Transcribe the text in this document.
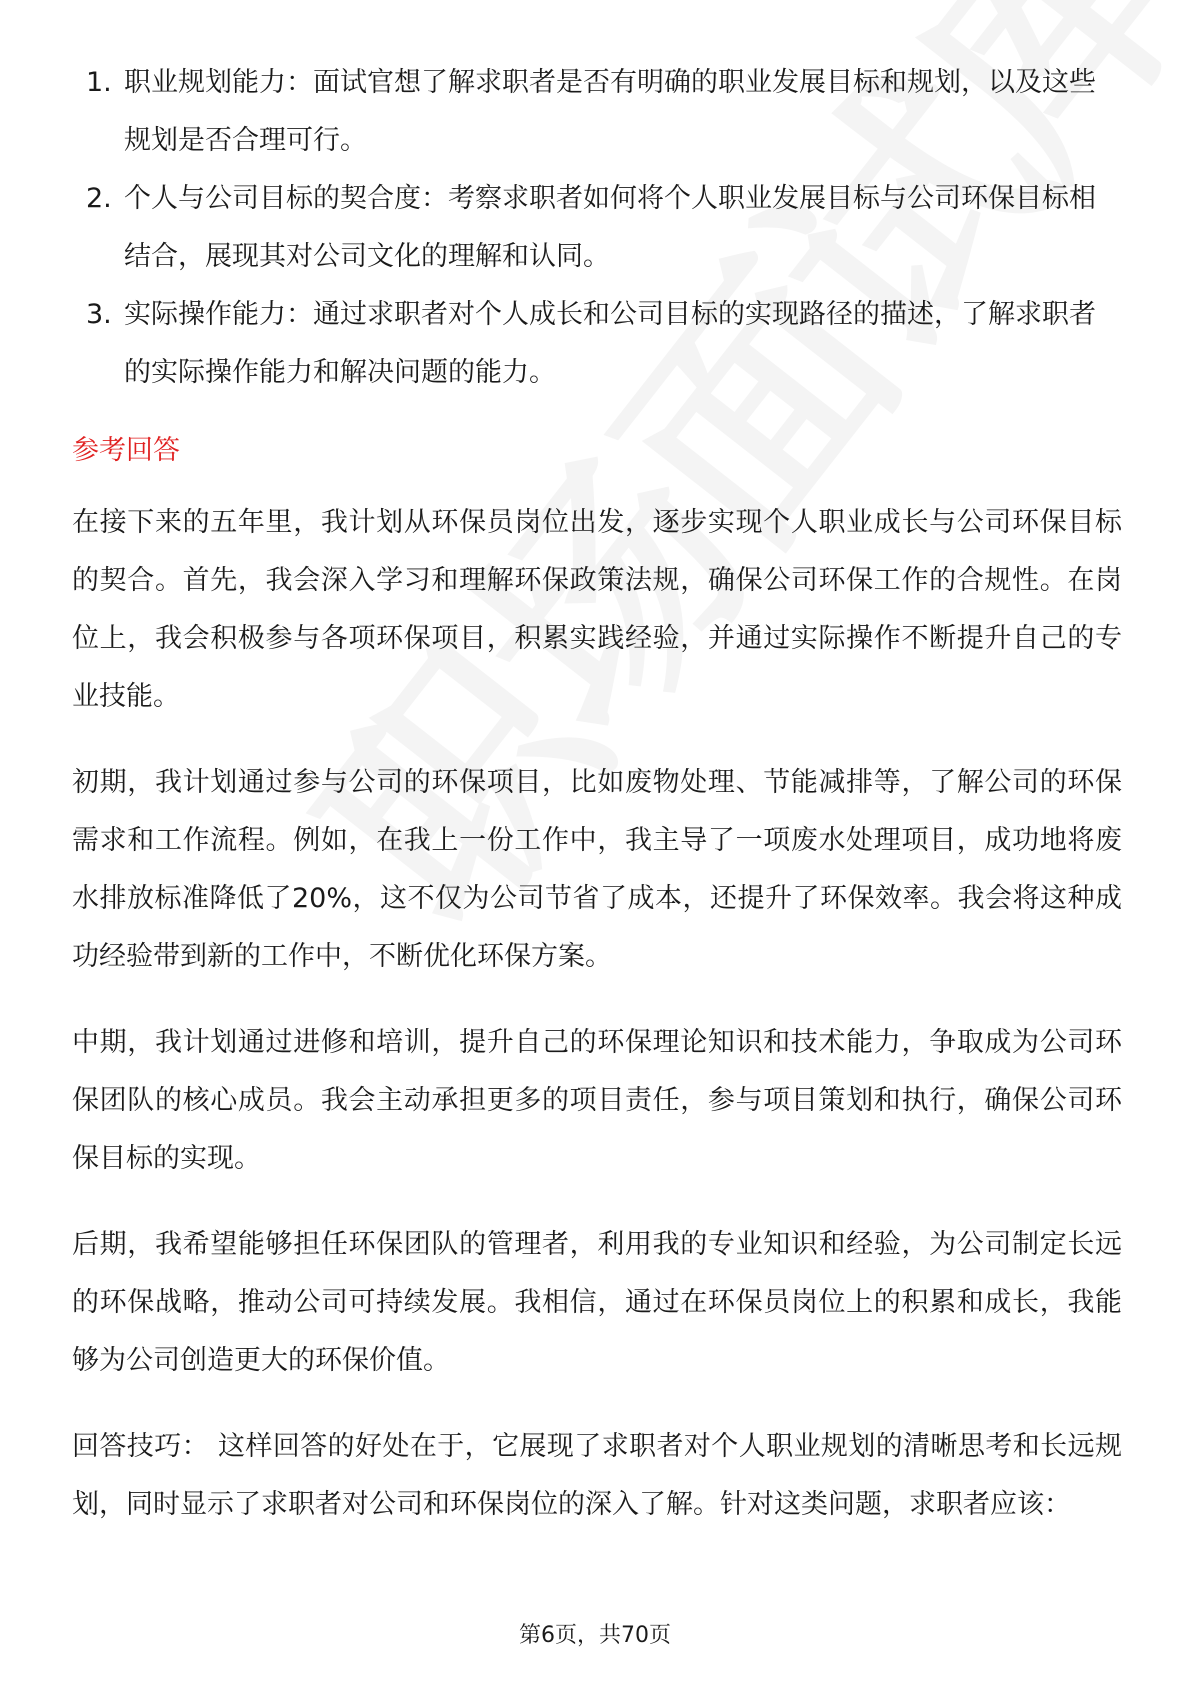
1. 职业规划能力：面试官想了解求职者是否有明确的职业发展目标和规划，以及这些规划是否合理可行。
2. 个人与公司目标的契合度：考察求职者如何将个人职业发展目标与公司环保目标相结合，展现其对公司文化的理解和认同。
3. 实际操作能力：通过求职者对个人成长和公司目标的实现路径的描述，了解求职者的实际操作能力和解决问题的能力。
参考回答

在接下来的五年里，我计划从环保员岗位出发，逐步实现个人职业成长与公司环保目标的契合。首先，我会深入学习和理解环保政策法规，确保公司环保工作的合规性。在岗位上，我会积极参与各项环保项目，积累实践经验，并通过实际操作不断提升自己的专业技能。

初期，我计划通过参与公司的环保项目，比如废物处理、节能减排等，了解公司的环保需求和工作流程。例如，在我上一份工作中，我主导了一项废水处理项目，成功地将废水排放标准降低了20%，这不仅为公司节省了成本，还提升了环保效率。我会将这种成功经验带到新的工作中，不断优化环保方案。

中期，我计划通过进修和培训，提升自己的环保理论知识和技术能力，争取成为公司环保团队的核心成员。我会主动承担更多的项目责任，参与项目策划和执行，确保公司环保目标的实现。

后期，我希望能够担任环保团队的管理者，利用我的专业知识和经验，为公司制定长远的环保战略，推动公司可持续发展。我相信，通过在环保员岗位上的积累和成长，我能够为公司创造更大的环保价值。

回答技巧： 这样回答的好处在于，它展现了求职者对个人职业规划的清晰思考和长远规划，同时显示了求职者对公司和环保岗位的深入了解。针对这类问题，求职者应该：

第6页，共70页
